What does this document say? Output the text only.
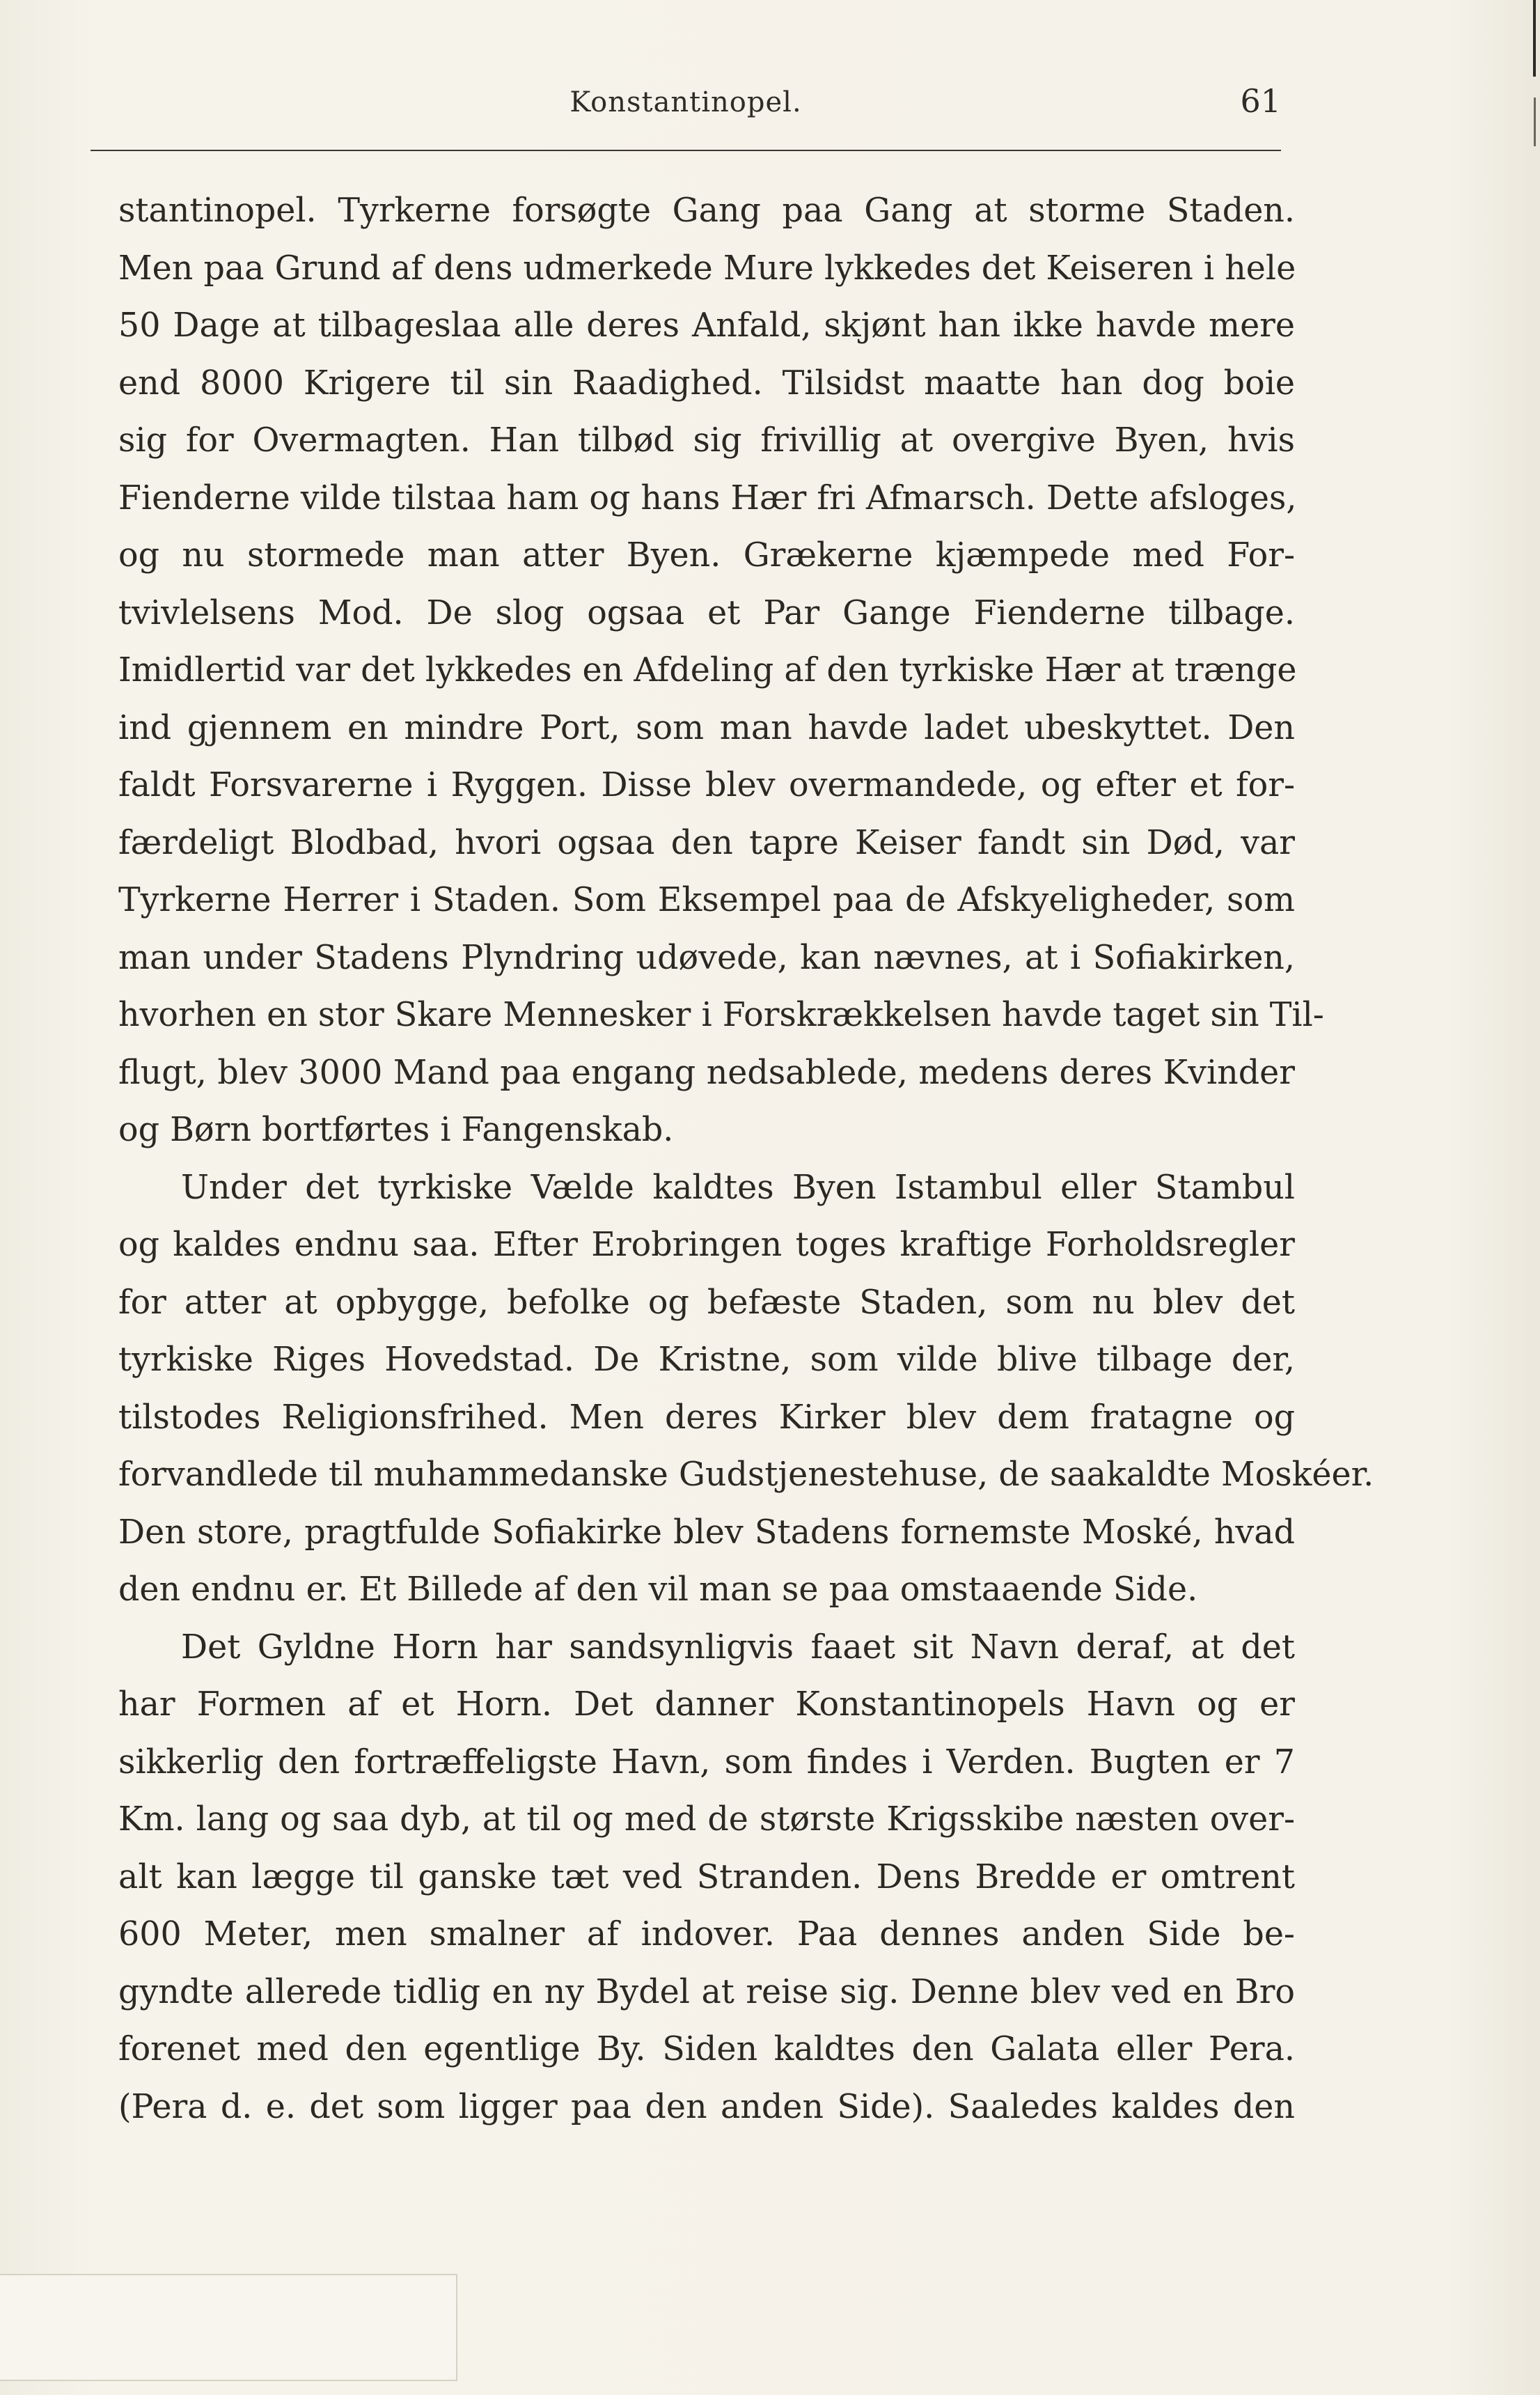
Konstantinopel.	61
stantinopel. Tyrkerne forsøgte Gang paa Gang at storme Staden.
Men paa Grund af dens udmerkede Mure lykkedes det Keiseren i hele
50 Dage at tilbageslaa alle deres Anfald, skjønt han ikke havde mere
end 8000 Krigere til sin Raadighed. Tilsidst maatte han dog boie
sig for Overmagten. Han tilbød sig frivillig at overgive Byen, hvis
Fienderne vilde tilstaa ham og hans Hær fri Afmarsch. Dette afsloges,
og nu stormede man atter Byen. Grækerne kjæmpede med For-
tvivlelsens Mod. De slog ogsaa et Par Gange Fienderne tilbage.
Imidlertid var det lykkedes en Afdeling af den tyrkiske Hær at trænge
ind gjennem en mindre Port, som man havde ladet ubeskyttet. Den
faldt Forsvarerne i Ryggen. Disse blev overmandede, og efter et for-
færdeligt Blodbad, hvori ogsaa den tapre Keiser fandt sin Død, var
Tyrkerne Herrer i Staden. Som Eksempel paa de Afskyeligheder, som
man under Stadens Plyndring udøvede, kan nævnes, at i Sofiakirken,
hvorhen en stor Skare Mennesker i Forskrækkelsen havde taget sin Til-
flugt, blev 3000 Mand paa engang nedsablede, medens deres Kvinder
og Børn bortførtes i Fangenskab.
Under det tyrkiske Vælde kaldtes Byen Istambul eller Stambul
og kaldes endnu saa. Efter Erobringen toges kraftige Forholdsregler
for atter at opbygge, befolke og befæste Staden, som nu blev det
tyrkiske Riges Hovedstad. De Kristne, som vilde blive tilbage der,
tilstodes Religionsfrihed. Men deres Kirker blev dem fratagne og
forvandlede til muhammedanske Gudstjenestehuse, de saakaldte Moskéer.
Den store, pragtfulde Sofiakirke blev Stadens fornemste Moské, hvad
den endnu er. Et Billede af den vil man se paa omstaaende Side.
Det Gyldne Horn har sandsynligvis faaet sit Navn deraf, at det
har Formen af et Horn. Det danner Konstantinopels Havn og er
sikkerlig den fortræffeligste Havn, som findes i Verden. Bugten er 7
Km. lang og saa dyb, at til og med de største Krigsskibe næsten over-
alt kan lægge til ganske tæt ved Stranden. Dens Bredde er omtrent
600 Meter, men smalner af indover. Paa dennes anden Side be-
gyndte allerede tidlig en ny Bydel at reise sig. Denne blev ved en Bro
forenet med den egentlige By. Siden kaldtes den Galata eller Pera.
(Pera d. e. det som ligger paa den anden Side). Saaledes kaldes den
